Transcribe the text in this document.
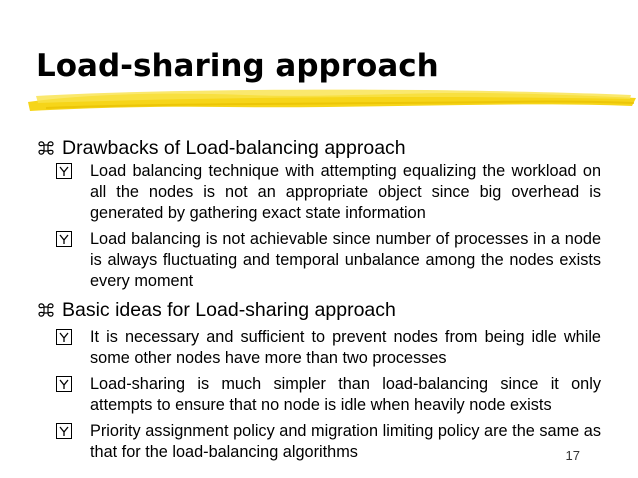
Load-sharing approach
Drawbacks of Load-balancing approach
Load balancing technique with attempting equalizing the workload on all the nodes is not an appropriate object since big overhead is generated by gathering exact state information
Load balancing is not achievable since number of processes in a node is always fluctuating and temporal unbalance among the nodes exists every moment
Basic ideas for Load-sharing approach
It is necessary and sufficient to prevent nodes from being idle while some other nodes have more than two processes
Load-sharing is much simpler than load-balancing since it only attempts to ensure that no node is idle when heavily node exists
Priority assignment policy and migration limiting policy are the same as that for the load-balancing algorithms	17
